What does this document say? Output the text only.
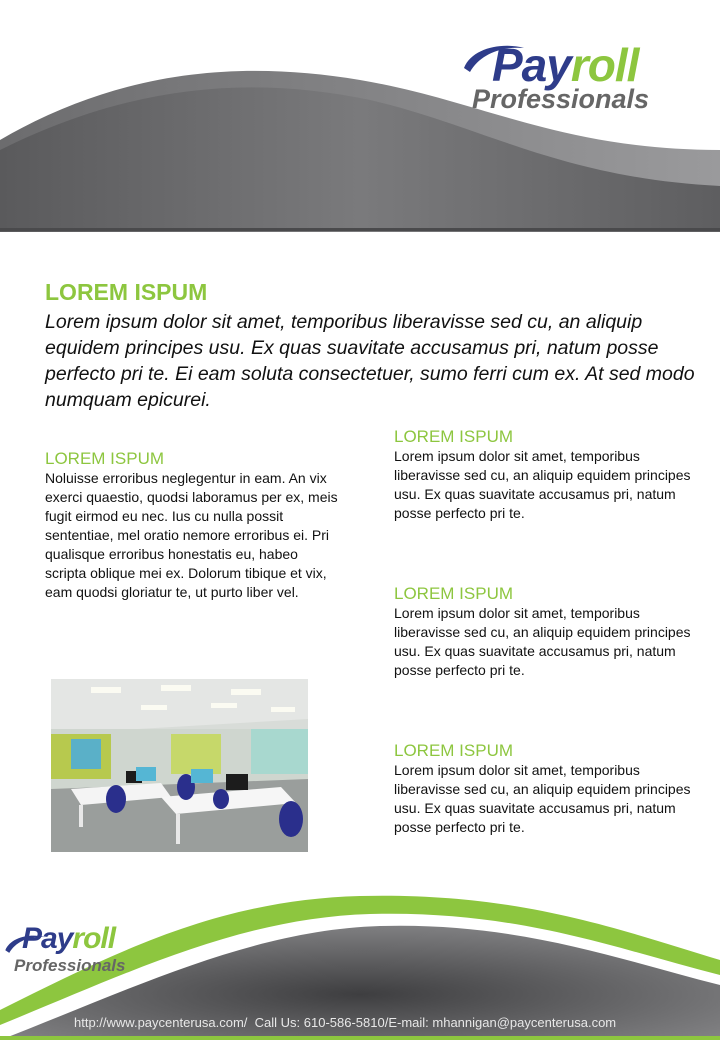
Payroll
Professionals
LOREM ISPUM
Lorem ipsum dolor sit amet, temporibus liberavisse sed cu, an aliquip equidem principes usu. Ex quas suavitate accusamus pri, natum posse perfecto pri te. Ei eam soluta consectetuer, sumo ferri cum ex. At sed modo numquam epicurei.

LOREM ISPUM

Noluisse erroribus neglegentur in eam. An vix exerci quaestio, quodsi laboramus per ex, meis fugit eirmod eu nec. Ius cu nulla possit sententiae, mel oratio nemore erroribus ei. Pri qualisque erroribus honestatis eu, habeo scripta oblique mei ex. Dolorum tibique et vix, eam quodsi gloriatur te, ut purto liber vel.

LOREM ISPUM

Lorem ipsum dolor sit amet, temporibus liberavisse sed cu, an aliquip equidem principes usu. Ex quas suavitate accusamus pri, natum posse perfecto pri te.

LOREM ISPUM

Lorem ipsum dolor sit amet, temporibus liberavisse sed cu, an aliquip equidem principes usu. Ex quas suavitate accusamus pri, natum posse perfecto pri te.

LOREM ISPUM

Lorem ipsum dolor sit amet, temporibus liberavisse sed cu, an aliquip equidem principes usu. Ex quas suavitate accusamus pri, natum posse perfecto pri te.

Payroll
Professionals
http://www.paycenterusa.com/  Call Us: 610-586-5810/E-mail: mhannigan@paycenterusa.com
